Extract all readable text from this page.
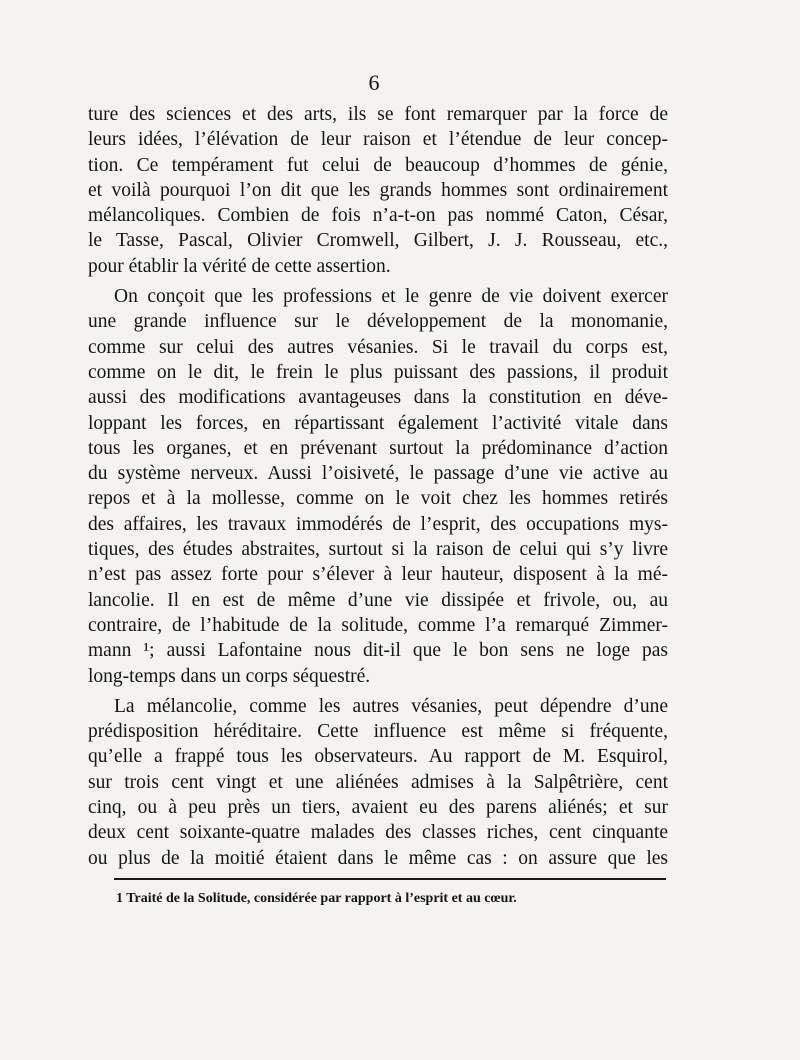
6

ture des sciences et des arts, ils se font remarquer par la force de
leurs idées, l’élévation de leur raison et l’étendue de leur concep-
tion. Ce tempérament fut celui de beaucoup d’hommes de génie,
et voilà pourquoi l’on dit que les grands hommes sont ordinairement
mélancoliques. Combien de fois n’a-t-on pas nommé Caton, César,
le Tasse, Pascal, Olivier Cromwell, Gilbert, J. J. Rousseau, etc.,
pour établir la vérité de cette assertion.

On conçoit que les professions et le genre de vie doivent exercer
une grande influence sur le développement de la monomanie,
comme sur celui des autres vésanies. Si le travail du corps est,
comme on le dit, le frein le plus puissant des passions, il produit
aussi des modifications avantageuses dans la constitution en déve-
loppant les forces, en répartissant également l’activité vitale dans
tous les organes, et en prévenant surtout la prédominance d’action
du système nerveux. Aussi l’oisiveté, le passage d’une vie active au
repos et à la mollesse, comme on le voit chez les hommes retirés
des affaires, les travaux immodérés de l’esprit, des occupations mys-
tiques, des études abstraites, surtout si la raison de celui qui s’y livre
n’est pas assez forte pour s’élever à leur hauteur, disposent à la mé-
lancolie. Il en est de même d’une vie dissipée et frivole, ou, au
contraire, de l’habitude de la solitude, comme l’a remarqué Zimmer-
mann ¹; aussi Lafontaine nous dit-il que le bon sens ne loge pas
long-temps dans un corps séquestré.

La mélancolie, comme les autres vésanies, peut dépendre d’une
prédisposition héréditaire. Cette influence est même si fréquente,
qu’elle a frappé tous les observateurs. Au rapport de M. Esquirol,
sur trois cent vingt et une aliénées admises à la Salpêtrière, cent
cinq, ou à peu près un tiers, avaient eu des parens aliénés; et sur
deux cent soixante-quatre malades des classes riches, cent cinquante
ou plus de la moitié étaient dans le même cas : on assure que les

1 Traité de la Solitude, considérée par rapport à l’esprit et au cœur.
